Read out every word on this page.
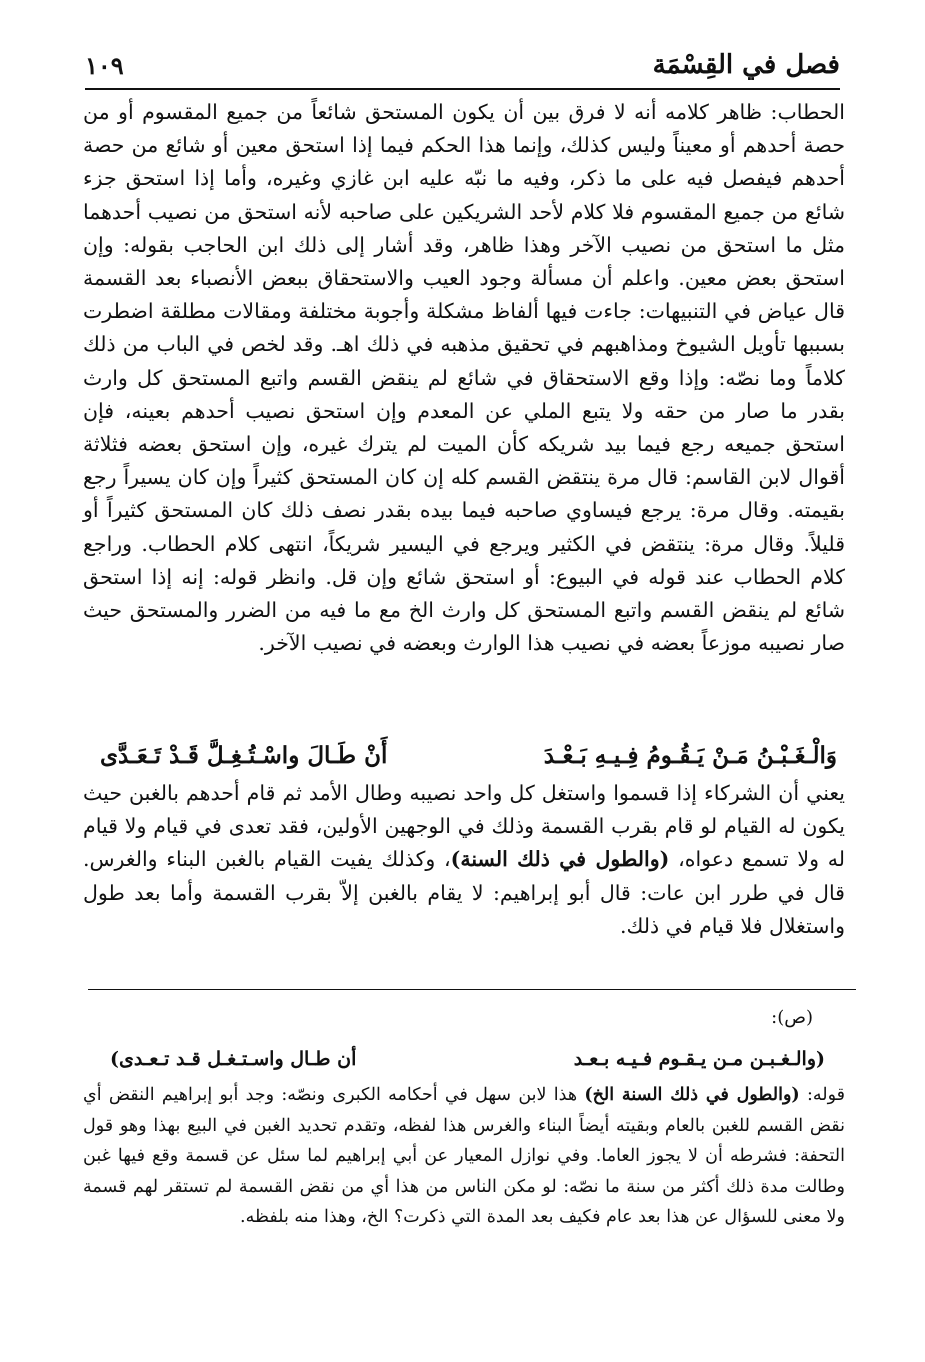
فصل في القِسْمَة
١٠٩

الحطاب: ظاهر كلامه أنه لا فرق بين أن يكون المستحق شائعاً من جميع المقسوم أو من حصة أحدهم أو معيناً وليس كذلك، وإنما هذا الحكم فيما إذا استحق معين أو شائع من حصة أحدهم فيفصل فيه على ما ذكر، وفيه ما نبّه عليه ابن غازي وغيره، وأما إذا استحق جزء شائع من جميع المقسوم فلا كلام لأحد الشريكين على صاحبه لأنه استحق من نصيب أحدهما مثل ما استحق من نصيب الآخر وهذا ظاهر، وقد أشار إلى ذلك ابن الحاجب بقوله: وإن استحق بعض معين. واعلم أن مسألة وجود العيب والاستحقاق ببعض الأنصباء بعد القسمة قال عياض في التنبيهات: جاءت فيها ألفاظ مشكلة وأجوبة مختلفة ومقالات مطلقة اضطرت بسببها تأويل الشيوخ ومذاهبهم في تحقيق مذهبه في ذلك اهـ. وقد لخص في الباب من ذلك كلاماً وما نصّه: وإذا وقع الاستحقاق في شائع لم ينقض القسم واتبع المستحق كل وارث بقدر ما صار من حقه ولا يتبع الملي عن المعدم وإن استحق نصيب أحدهم بعينه، فإن استحق جميعه رجع فيما بيد شريكه كأن الميت لم يترك غيره، وإن استحق بعضه فثلاثة أقوال لابن القاسم: قال مرة ينتقض القسم كله إن كان المستحق كثيراً وإن كان يسيراً رجع بقيمته. وقال مرة: يرجع فيساوي صاحبه فيما بيده بقدر نصف ذلك كان المستحق كثيراً أو قليلاً. وقال مرة: ينتقض في الكثير ويرجع في اليسير شريكاً، انتهى كلام الحطاب. وراجع كلام الحطاب عند قوله في البيوع: أو استحق شائع وإن قل. وانظر قوله: إنه إذا استحق شائع لم ينقض القسم واتبع المستحق كل وارث الخ مع ما فيه من الضرر والمستحق حيث صار نصيبه موزعاً بعضه في نصيب هذا الوارث وبعضه في نصيب الآخر.

وَالْـغَـبْـنُ مَـنْ يَـقُـومُ فِـيـهِ بَـعْـدَ
أَنْ طَـالَ واسْـتُـغِـلَّ قَـدْ تَـعَـدَّى

يعني أن الشركاء إذا قسموا واستغل كل واحد نصيبه وطال الأمد ثم قام أحدهم بالغبن حيث يكون له القيام لو قام بقرب القسمة وذلك في الوجهين الأولين، فقد تعدى في قيام ولا قيام له ولا تسمع دعواه، (والطول في ذلك السنة)، وكذلك يفيت القيام بالغبن البناء والغرس. قال في طرر ابن عات: قال أبو إبراهيم: لا يقام بالغبن إلاّ بقرب القسمة وأما بعد طول واستغلال فلا قيام في ذلك.

(ص):
(والـغـبـن مـن يـقـوم فـيـه بـعـد
أن طـال واسـتـغـل قـد تـعـدى)

قوله: (والطول في ذلك السنة الخ) هذا لابن سهل في أحكامه الكبرى ونصّه: وجد أبو إبراهيم النقض أي نقض القسم للغبن بالعام وبقيته أيضاً البناء والغرس هذا لفظه، وتقدم تحديد الغبن في البيع بهذا وهو قول التحفة: فشرطه أن لا يجوز العاما. وفي نوازل المعيار عن أبي إبراهيم لما سئل عن قسمة وقع فيها غبن وطالت مدة ذلك أكثر من سنة ما نصّه: لو مكن الناس من هذا أي من نقض القسمة لم تستقر لهم قسمة ولا معنى للسؤال عن هذا بعد عام فكيف بعد المدة التي ذكرت؟ الخ، وهذا منه بلفظه.
